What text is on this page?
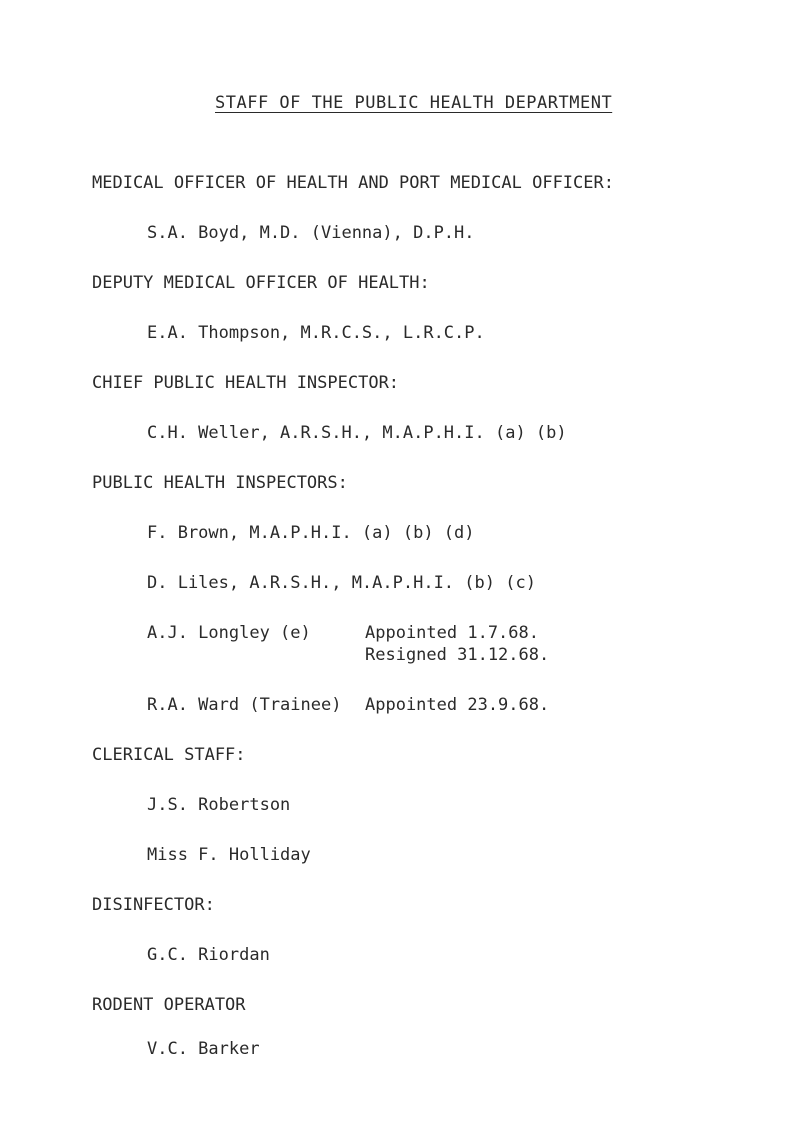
STAFF OF THE PUBLIC HEALTH DEPARTMENT
MEDICAL OFFICER OF HEALTH AND PORT MEDICAL OFFICER:
S.A. Boyd, M.D. (Vienna), D.P.H.
DEPUTY MEDICAL OFFICER OF HEALTH:
E.A. Thompson, M.R.C.S., L.R.C.P.
CHIEF PUBLIC HEALTH INSPECTOR:
C.H. Weller, A.R.S.H., M.A.P.H.I. (a) (b)
PUBLIC HEALTH INSPECTORS:
F. Brown, M.A.P.H.I. (a) (b) (d)
D. Liles, A.R.S.H., M.A.P.H.I. (b) (c)
A.J. Longley (e)	Appointed 1.7.68.
Resigned 31.12.68.
R.A. Ward (Trainee) Appointed 23.9.68.
CLERICAL STAFF:
J.S. Robertson
Miss F. Holliday
DISINFECTOR:
G.C. Riordan
RODENT OPERATOR
V.C. Barker
